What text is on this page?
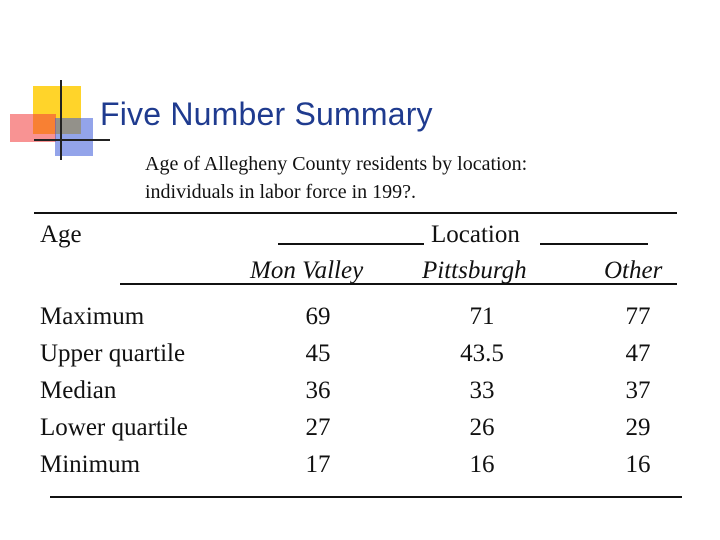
Five Number Summary
Age of Allegheny County residents by location:
individuals in labor force in 199?.
Age	Location
Mon Valley Pittsburgh	Other
Maximum
Upper quartile
Median
Lower quartile
Minimum
69
45
36
27
17
71
43.5
33
26
16
77
47
37
29
16
